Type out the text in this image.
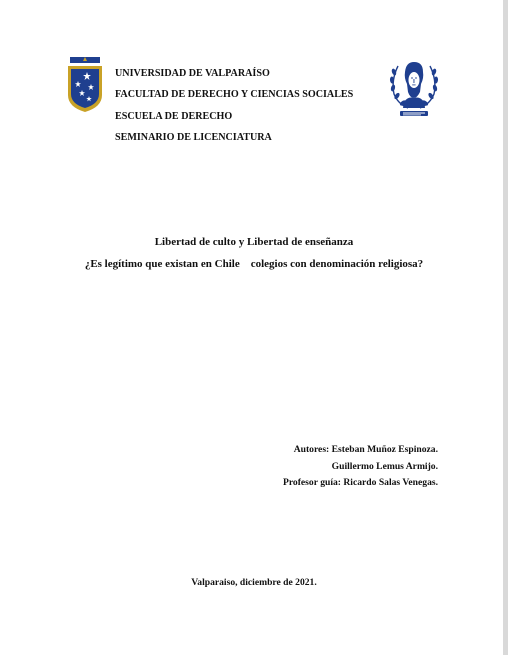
UNIVERSIDAD DE VALPARAÍSO
FACULTAD DE DERECHO Y CIENCIAS SOCIALES
ESCUELA DE DERECHO
SEMINARIO DE LICENCIATURA
Libertad de culto y Libertad de enseñanza
¿Es legítimo que existan en Chile    colegios con denominación religiosa?
Autores: Esteban Muñoz Espinoza.
Guillermo Lemus Armijo.
Profesor guía: Ricardo Salas Venegas.
Valparaiso, diciembre de 2021.
